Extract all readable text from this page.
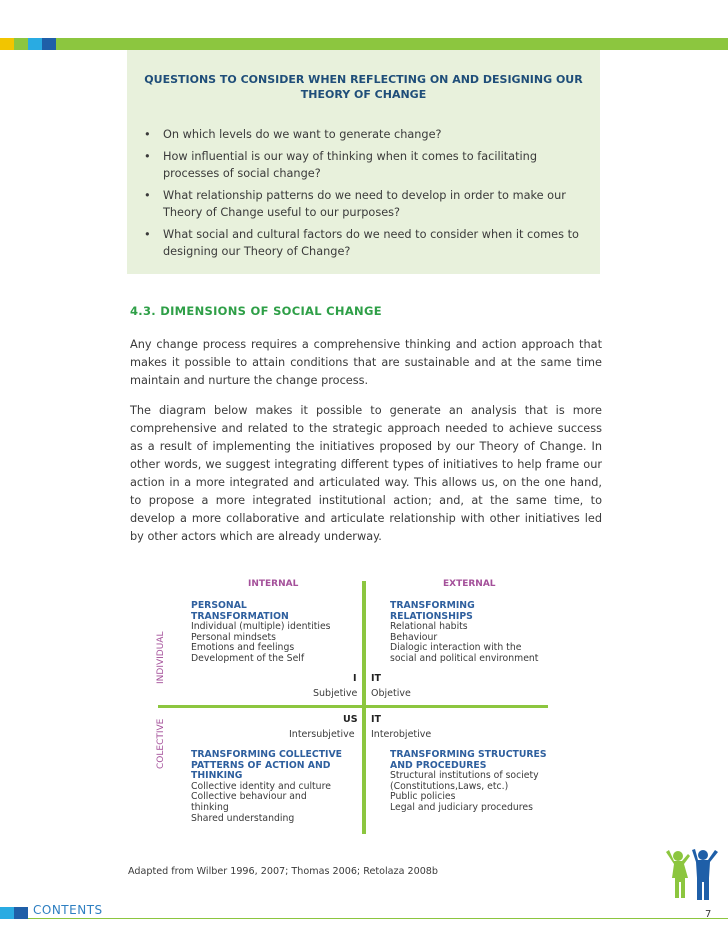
QUESTIONS TO CONSIDER WHEN REFLECTING ON AND DESIGNING OUR
THEORY OF CHANGE
• On which levels do we want to generate change?
• How influential is our way of thinking when it comes to facilitating processes of social change?
• What relationship patterns do we need to develop in order to make our Theory of Change useful to our purposes?
• What social and cultural factors do we need to consider when it comes to designing our Theory of Change?
4.3. DIMENSIONS OF SOCIAL CHANGE

Any change process requires a comprehensive thinking and action approach that makes it possible to attain conditions that are sustainable and at the same time maintain and nurture the change process.

The diagram below makes it possible to generate an analysis that is more comprehensive and related to the strategic approach needed to achieve success as a result of implementing the initiatives proposed by our Theory of Change. In other words, we suggest integrating different types of initiatives to help frame our action in a more integrated and articulated way. This allows us, on the one hand, to propose a more integrated institutional action; and, at the same time, to develop a more collaborative and articulate relationship with other initiatives led by other actors which are already underway.

INTERNAL	EXTERNAL
INDIVIDUAL
COLECTIVE
PERSONAL
TRANSFORMATION
Individual (multiple) identities
Personal mindsets
Emotions and feelings
Development of the Self
TRANSFORMING
RELATIONSHIPS
Relational habits
Behaviour
Dialogic interaction with the
social and political environment
I IT
Subjetive Objetive
US IT
Intersubjetive Interobjetive
TRANSFORMING COLLECTIVE
PATTERNS OF ACTION AND
THINKING
Collective identity and culture
Collective behaviour and
thinking
Shared understanding
TRANSFORMING STRUCTURES
AND PROCEDURES
Structural institutions of society
(Constitutions,Laws, etc.)
Public policies
Legal and judiciary procedures
Adapted from Wilber 1996, 2007; Thomas 2006; Retolaza 2008b
CONTENTS	7
